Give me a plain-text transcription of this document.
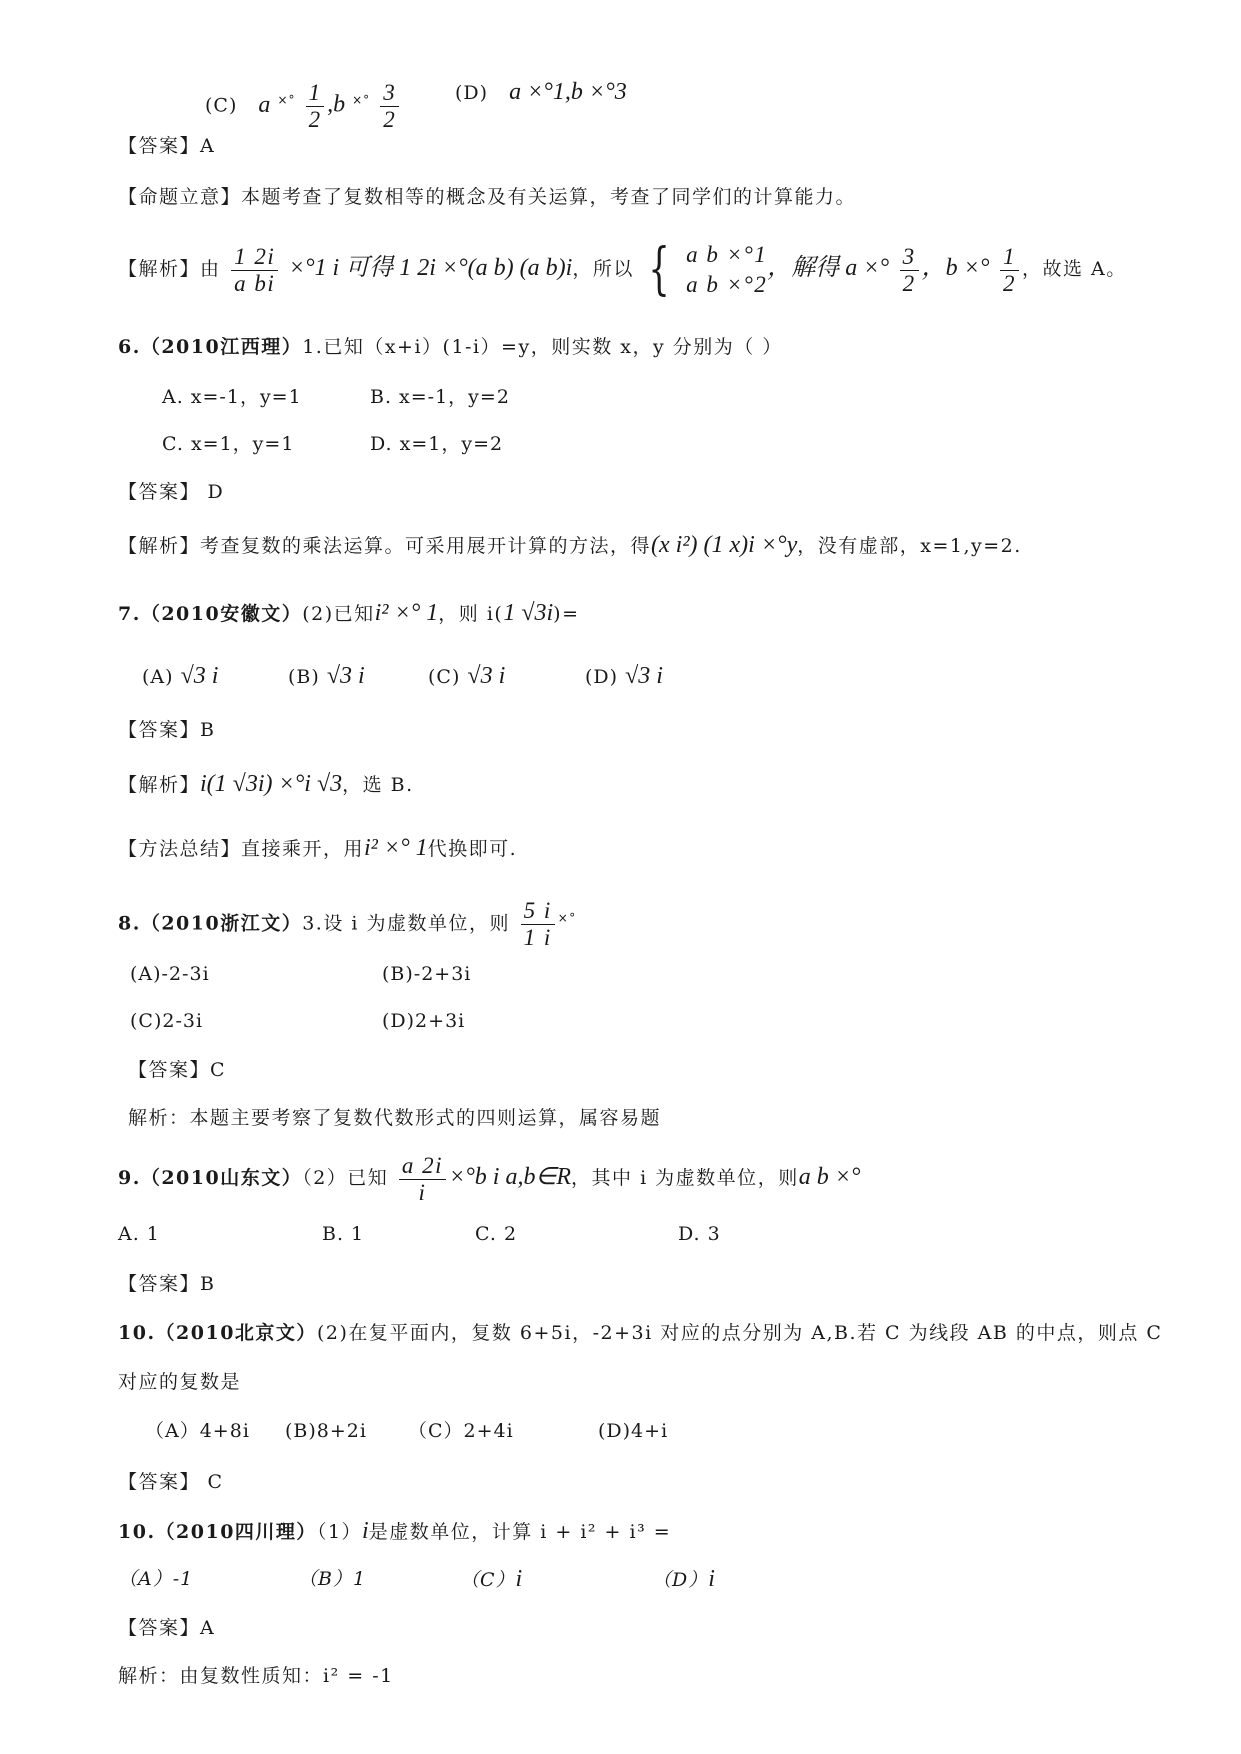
(C) a $^{\times^\circ} \frac{1}{2} ,b$ $^{\times^\circ} \frac{3}{2}$	(D) a ×°1,b ×°3
【答案】A
【命题立意】本题考查了复数相等的概念及有关运算，考查了同学们的计算能力。
【解析】由 $\frac{1 2i}{\text{a bi}} \times^\circ 1$ i 可得 1 2i ×°(a b) (a b)i，所以 { a b ×°1
a b ×°2
，解得 a ×° $\frac{3}{2}$ ，b ×° $\frac{1}{2}$ ，故选 A。
6.（2010江西理）1.已知（x+i）(1-i）=y，则实数 x，y 分别为（ ）
A. x=-1，y=1	B. x=-1，y=2
C. x=1，y=1	D. x=1，y=2
【答案】 D
【解析】考查复数的乘法运算。可采用展开计算的方法，得(x i²) (1 x)i ×°y，没有虚部，x=1,y=2.
7.（2010安徽文）(2)已知i² ×° 1，则 i(1 √3i)=
(A) √3 i	(B) √3 i	(C) √3 i	(D) √3 i
【答案】B
【解析】i(1 √3i) ×°i √3，选 B.
【方法总结】直接乘开，用i² ×° 1代换即可.
8.（2010浙江文）3.设 i 为虚数单位，则 $\frac{5 i}{1 i} ^{\times^\circ}$
(A)-2-3i	(B)-2+3i
(C)2-3i	(D)2+3i
【答案】C
解析：本题主要考察了复数代数形式的四则运算，属容易题
9.（2010山东文）（2）已知 $\frac{a 2i}{i} \times^\circ b$ i a,b∈R，其中 i 为虚数单位，则a b ×°
A. 1	B. 1	C. 2	D. 3
【答案】B
10.（2010北京文）(2)在复平面内，复数 6+5i，-2+3i 对应的点分别为 A,B.若 C 为线段 AB 的中点，则点 C
对应的复数是
（A）4+8i (B)8+2i （C）2+4i	(D)4+i
【答案】 C
10.（2010四川理）（1）i是虚数单位，计算 i + i² + i³ =
（A）-1	（B）1	（C）i	（D）i
【答案】A
解析：由复数性质知：i² = -1
